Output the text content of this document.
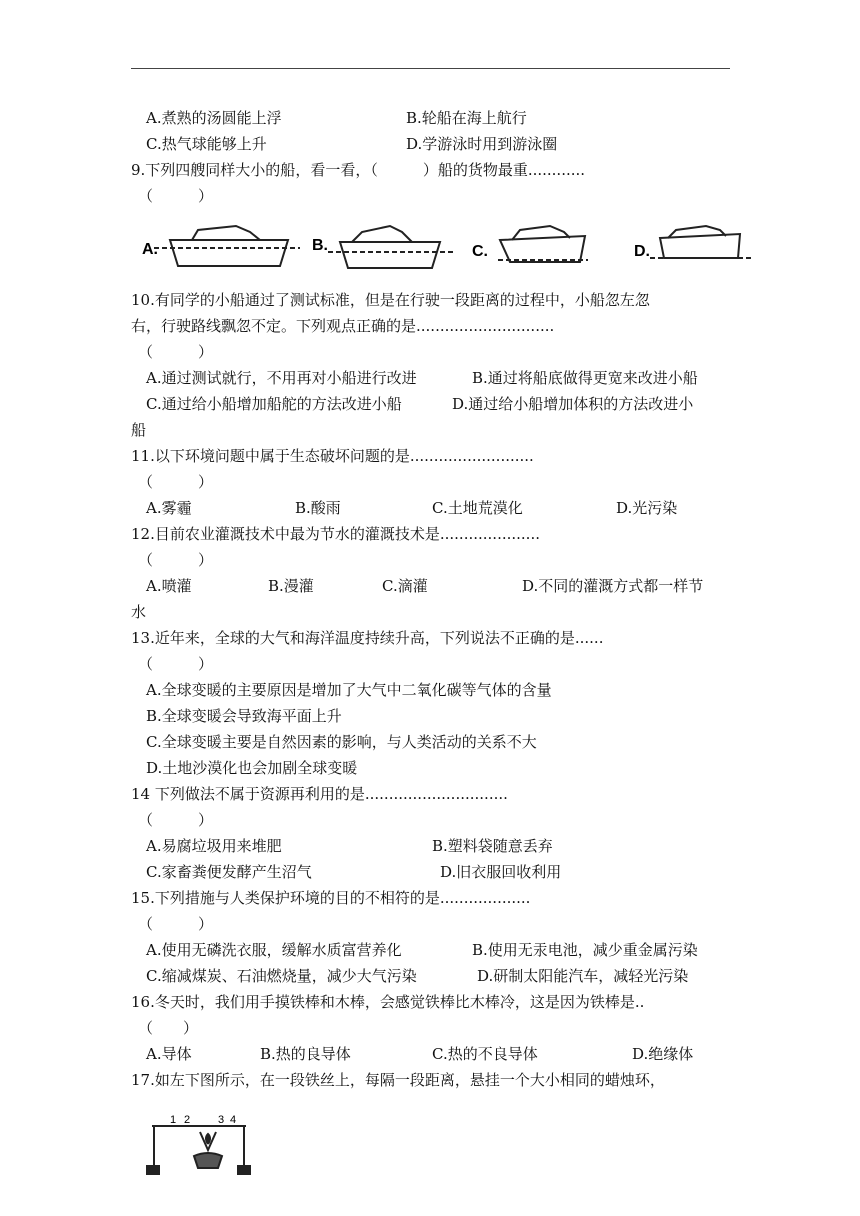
A.煮熟的汤圆能上浮	B.轮船在海上航行
C.热气球能够上升	D.学游泳时用到游泳圈
9.下列四艘同样大小的船，看一看，（　　　）船的货物最重............
（　　　）
A.	B.	C.	D.
10.有同学的小船通过了测试标准，但是在行驶一段距离的过程中，小船忽左忽
右，行驶路线飘忽不定。下列观点正确的是.............................
（　　　）
A.通过测试就行，不用再对小船进行改进	B.通过将船底做得更宽来改进小船
C.通过给小船增加船舵的方法改进小船	D.通过给小船增加体积的方法改进小
船
11.以下环境问题中属于生态破坏问题的是..........................
（　　　）
A.雾霾	B.酸雨	C.土地荒漠化	D.光污染
12.目前农业灌溉技术中最为节水的灌溉技术是.....................
（　　　）
A.喷灌	B.漫灌	C.滴灌	D.不同的灌溉方式都一样节
水
13.近年来，全球的大气和海洋温度持续升高，下列说法不正确的是......
（　　　）
A.全球变暖的主要原因是增加了大气中二氧化碳等气体的含量
B.全球变暖会导致海平面上升
C.全球变暖主要是自然因素的影响，与人类活动的关系不大
D.土地沙漠化也会加剧全球变暖
14 下列做法不属于资源再利用的是..............................
（　　　）
A.易腐垃圾用来堆肥	B.塑料袋随意丢弃
C.家畜粪便发酵产生沼气	D.旧衣服回收利用
15.下列措施与人类保护环境的目的不相符的是...................
（　　　）
A.使用无磷洗衣服，缓解水质富营养化	B.使用无汞电池，减少重金属污染
C.缩减煤炭、石油燃烧量，减少大气污染	D.研制太阳能汽车，减轻光污染
16.冬天时，我们用手摸铁棒和木棒，会感觉铁棒比木棒冷，这是因为铁棒是..
（　　）
A.导体	B.热的良导体	C.热的不良导体	D.绝缘体
17.如左下图所示，在一段铁丝上，每隔一段距离，悬挂一个大小相同的蜡烛环，
1 2	3 4
